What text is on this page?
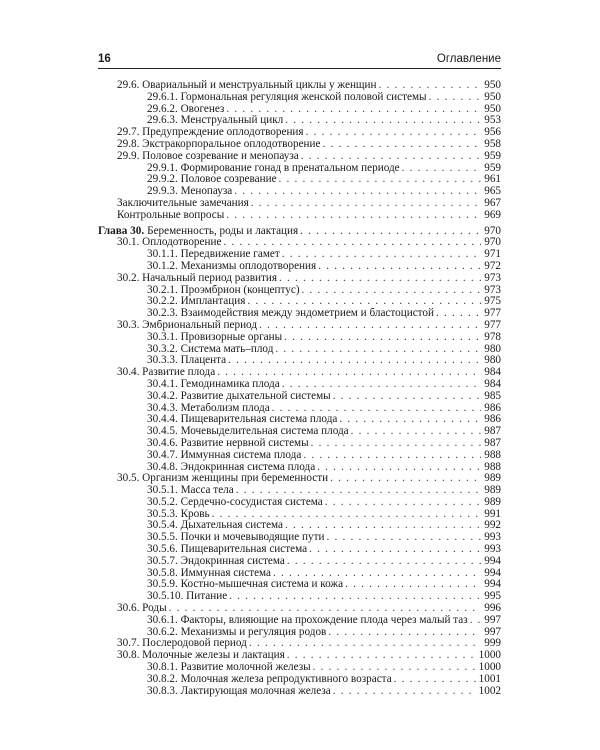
16	Оглавление
29.6. Овариальный и менструальный циклы у женщин . . .	950
29.6.1. Гормональная регуляция женской половой системы . . .	950
29.6.2. Овогенез . . .	950
29.6.3. Менструальный цикл . . .	953
29.7. Предупреждение оплодотворения . . .	956
29.8. Экстракорпоральное оплодотворение . . .	958
29.9. Половое созревание и менопауза . . .	959
29.9.1. Формирование гонад в пренатальном периоде . . .	959
29.9.2. Половое созревание . . .	961
29.9.3. Менопауза . . .	965
Заключительные замечания . . .	967
Контрольные вопросы . . .	969
Глава 30. Беременность, роды и лактация . . .	970
30.1. Оплодотворение . . .	970
30.1.1. Передвижение гамет . . .	971
30.1.2. Механизмы оплодотворения . . .	972
30.2. Начальный период развития . . .	973
30.2.1. Проэмбрион (концептус) . . .	973
30.2.2. Имплантация . . .	975
30.2.3. Взаимодействия между эндометрием и бластоцистой . . .	977
30.3. Эмбриональный период . . .	977
30.3.1. Провизорные органы . . .	978
30.3.2. Система мать–плод . . .	980
30.3.3. Плацента . . .	980
30.4. Развитие плода . . .	984
30.4.1. Гемодинамика плода . . .	984
30.4.2. Развитие дыхательной системы . . .	985
30.4.3. Метаболизм плода . . .	986
30.4.4. Пищеварительная система плода . . .	986
30.4.5. Мочевыделительная система плода . . .	987
30.4.6. Развитие нервной системы . . .	987
30.4.7. Иммунная система плода . . .	988
30.4.8. Эндокринная система плода . . .	988
30.5. Организм женщины при беременности . . .	989
30.5.1. Масса тела . . .	989
30.5.2. Сердечно-сосудистая система . . .	989
30.5.3. Кровь . . .	991
30.5.4. Дыхательная система . . .	992
30.5.5. Почки и мочевыводящие пути . . .	993
30.5.6. Пищеварительная система . . .	993
30.5.7. Эндокринная система . . .	994
30.5.8. Иммунная система . . .	994
30.5.9. Костно-мышечная система и кожа . . .	994
30.5.10. Питание . . .	995
30.6. Роды . . .	996
30.6.1. Факторы, влияющие на прохождение плода через малый таз . . . 997
30.6.2. Механизмы и регуляция родов . . .	997
30.7. Послеродовой период . . .	999
30.8. Молочные железы и лактация . . .	1000
30.8.1. Развитие молочной железы . . .	1000
30.8.2. Молочная железа репродуктивного возраста . . .	1001
30.8.3. Лактирующая молочная железа . . .	1002
